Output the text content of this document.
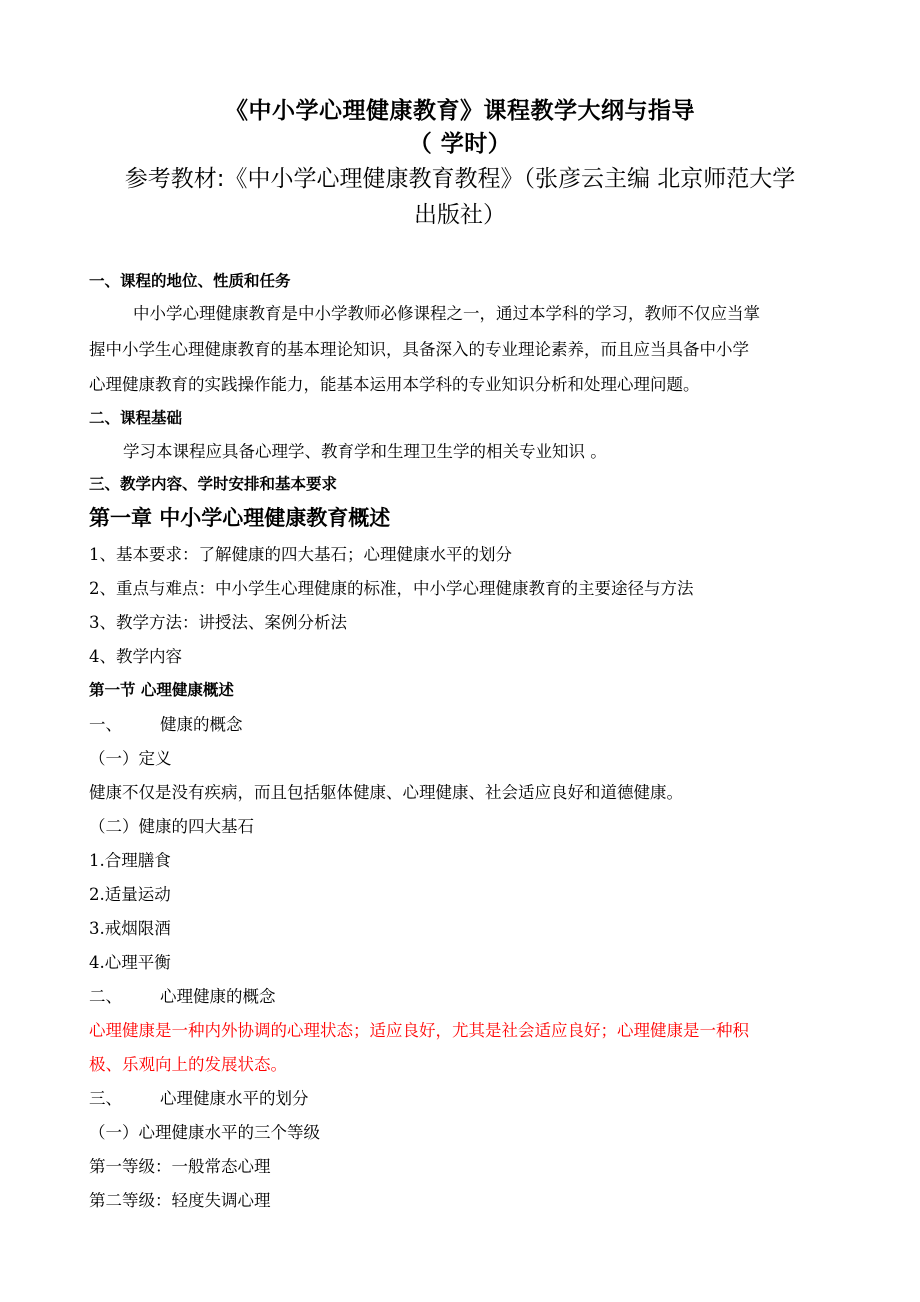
《中小学心理健康教育》课程教学大纲与指导
（ 学时）
参考教材:《中小学心理健康教育教程》（张彦云主编 北京师范大学
出版社）
一、课程的地位、性质和任务
中小学心理健康教育是中小学教师必修课程之一，通过本学科的学习，教师不仅应当掌
握中小学生心理健康教育的基本理论知识，具备深入的专业理论素养，而且应当具备中小学
心理健康教育的实践操作能力，能基本运用本学科的专业知识分析和处理心理问题。
二、课程基础
学习本课程应具备心理学、教育学和生理卫生学的相关专业知识 。
三、教学内容、学时安排和基本要求
第一章 中小学心理健康教育概述
1、基本要求：了解健康的四大基石；心理健康水平的划分
2、重点与难点：中小学生心理健康的标准，中小学心理健康教育的主要途径与方法
3、教学方法：讲授法、案例分析法
4、教学内容
第一节 心理健康概述
一、 健康的概念
（一）定义
健康不仅是没有疾病，而且包括躯体健康、心理健康、社会适应良好和道德健康。
（二）健康的四大基石
1.合理膳食
2.适量运动
3.戒烟限酒
4.心理平衡
二、 心理健康的概念
心理健康是一种内外协调的心理状态；适应良好，尤其是社会适应良好；心理健康是一种积
极、乐观向上的发展状态。
三、 心理健康水平的划分
（一）心理健康水平的三个等级
第一等级：一般常态心理
第二等级：轻度失调心理
